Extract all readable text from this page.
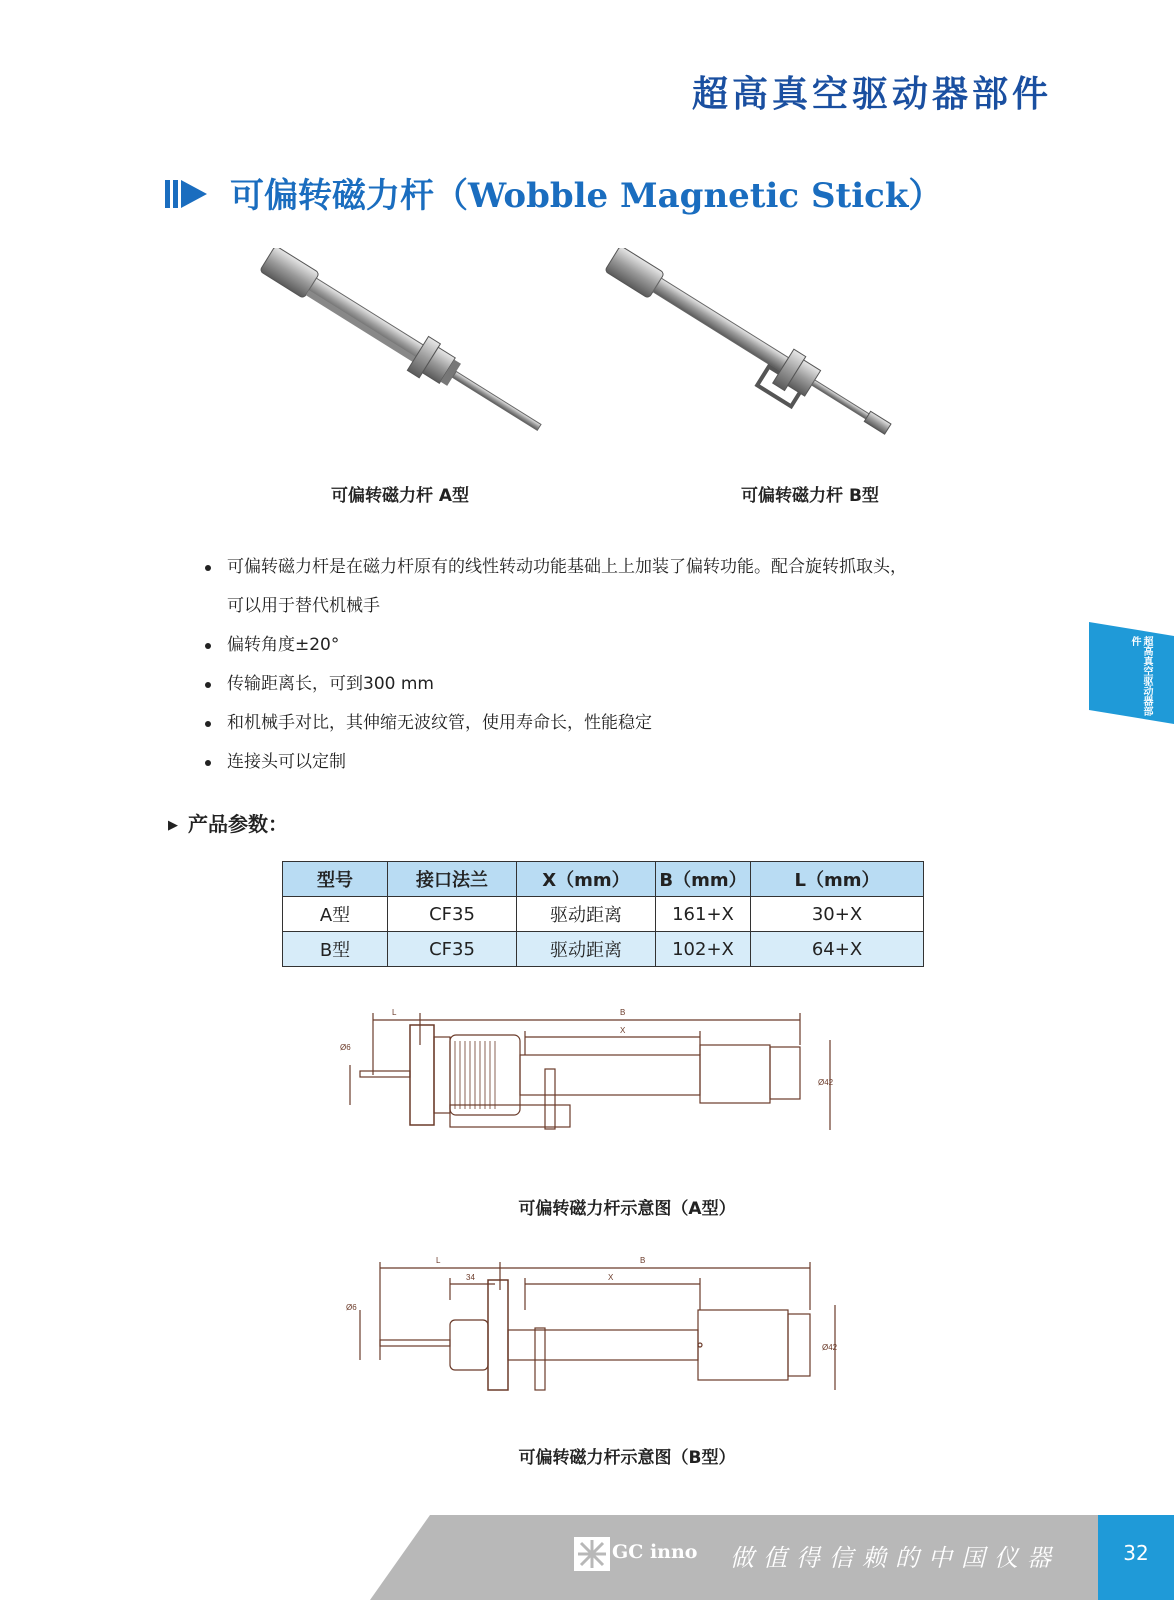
超高真空驱动器部件
可偏转磁力杆（Wobble Magnetic Stick）
可偏转磁力杆 A型	可偏转磁力杆 B型
可偏转磁力杆是在磁力杆原有的线性转动功能基础上上加装了偏转功能。配合旋转抓取头，
可以用于替代机械手
偏转角度±20°
传输距离长，可到300 mm
和机械手对比，其伸缩无波纹管，使用寿命长，性能稳定
连接头可以定制
▶ 产品参数：
型号	接口法兰	X（mm）	B（mm）	L（mm）
A型	CF35	驱动距离	161+X	30+X
B型	CF35	驱动距离	102+X	64+X
L	B
X
Ø6
Ø42
可偏转磁力杆示意图（A型）
L	B
34	X
Ø6
Ø42
可偏转磁力杆示意图（B型）
超高真空驱动器部件
GC inno 做值得信赖的中国仪器	32
